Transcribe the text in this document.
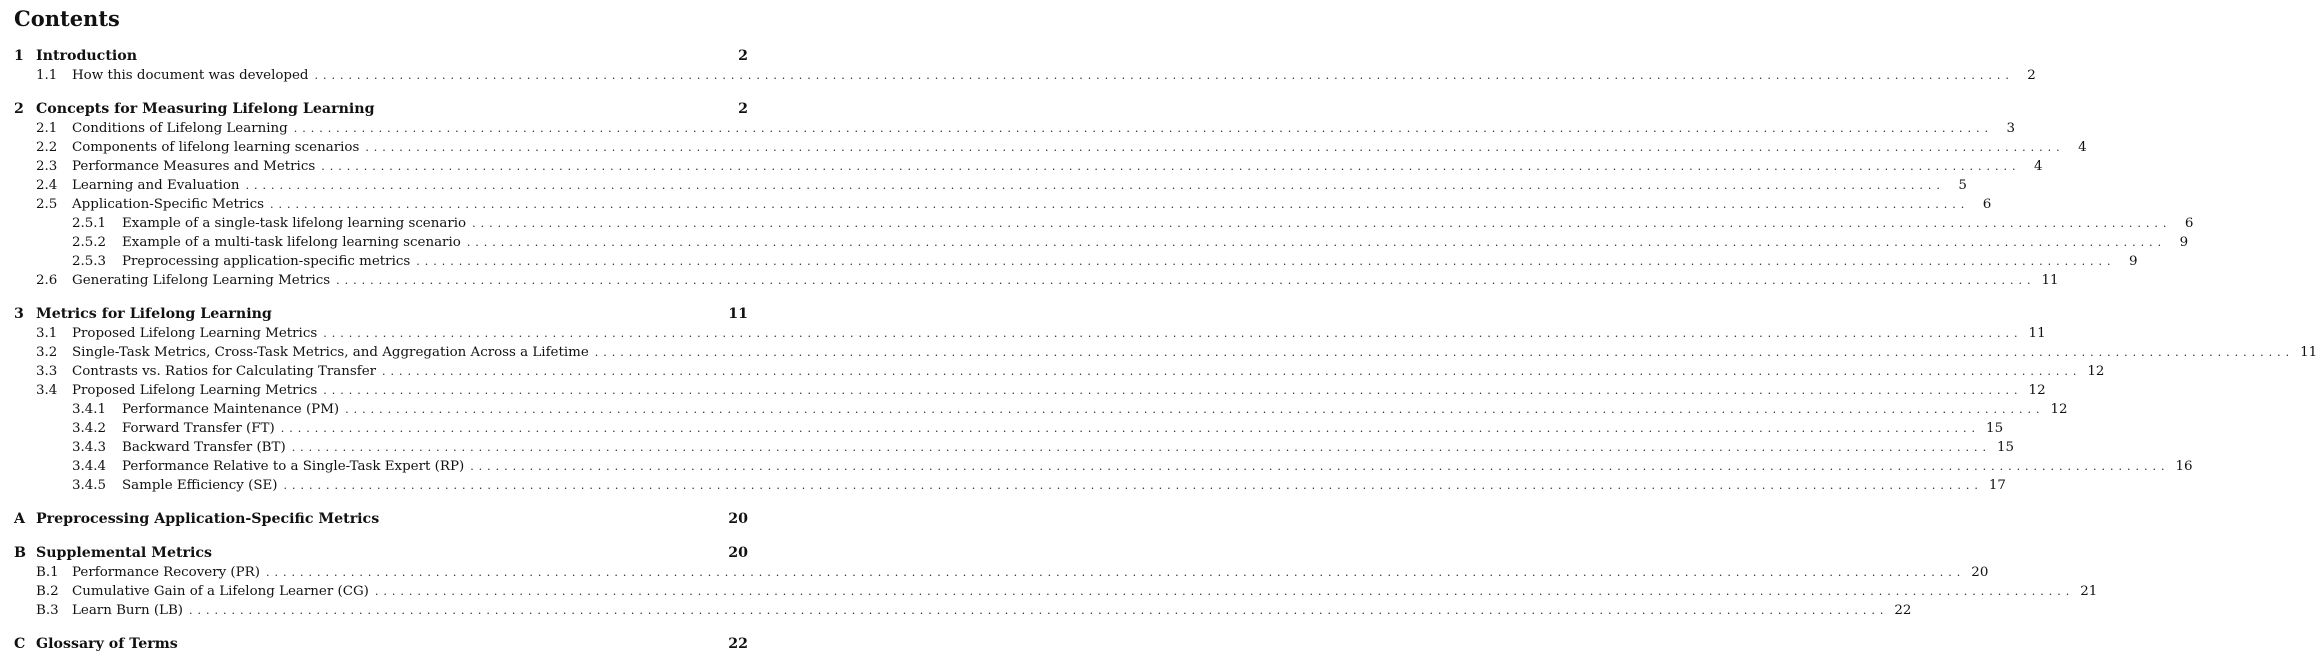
Contents
1 Introduction	2
1.1	How this document was developed ........................................................................................................................................................................................................	2
2 Concepts for Measuring Lifelong Learning	2
2.1	Conditions of Lifelong Learning ........................................................................................................................................................................................................	3
2.2	Components of lifelong learning scenarios ........................................................................................................................................................................................................	4
2.3	Performance Measures and Metrics ........................................................................................................................................................................................................	4
2.4	Learning and Evaluation ........................................................................................................................................................................................................	5
2.5	Application-Specific Metrics ........................................................................................................................................................................................................	6
2.5.1	Example of a single-task lifelong learning scenario ........................................................................................................................................................................................................	6
2.5.2	Example of a multi-task lifelong learning scenario ........................................................................................................................................................................................................	9
2.5.3	Preprocessing application-specific metrics ........................................................................................................................................................................................................	9
2.6	Generating Lifelong Learning Metrics ........................................................................................................................................................................................................ 11
3 Metrics for Lifelong Learning	11
3.1	Proposed Lifelong Learning Metrics ........................................................................................................................................................................................................ 11
3.2	Single-Task Metrics, Cross-Task Metrics, and Aggregation Across a Lifetime ........................................................................................................................................................................................................ 11
3.3	Contrasts vs. Ratios for Calculating Transfer ........................................................................................................................................................................................................ 12
3.4	Proposed Lifelong Learning Metrics ........................................................................................................................................................................................................ 12
3.4.1	Performance Maintenance (PM) ........................................................................................................................................................................................................ 12
3.4.2	Forward Transfer (FT) ........................................................................................................................................................................................................ 15
3.4.3	Backward Transfer (BT) ........................................................................................................................................................................................................ 15
3.4.4	Performance Relative to a Single-Task Expert (RP) ........................................................................................................................................................................................................ 16
3.4.5	Sample Efficiency (SE) ........................................................................................................................................................................................................ 17
A Preprocessing Application-Specific Metrics	20
B Supplemental Metrics	20
B.1 Performance Recovery (PR) ........................................................................................................................................................................................................ 20
B.2 Cumulative Gain of a Lifelong Learner (CG) ........................................................................................................................................................................................................ 21
B.3 Learn Burn (LB) ........................................................................................................................................................................................................ 22
C Glossary of Terms	22
